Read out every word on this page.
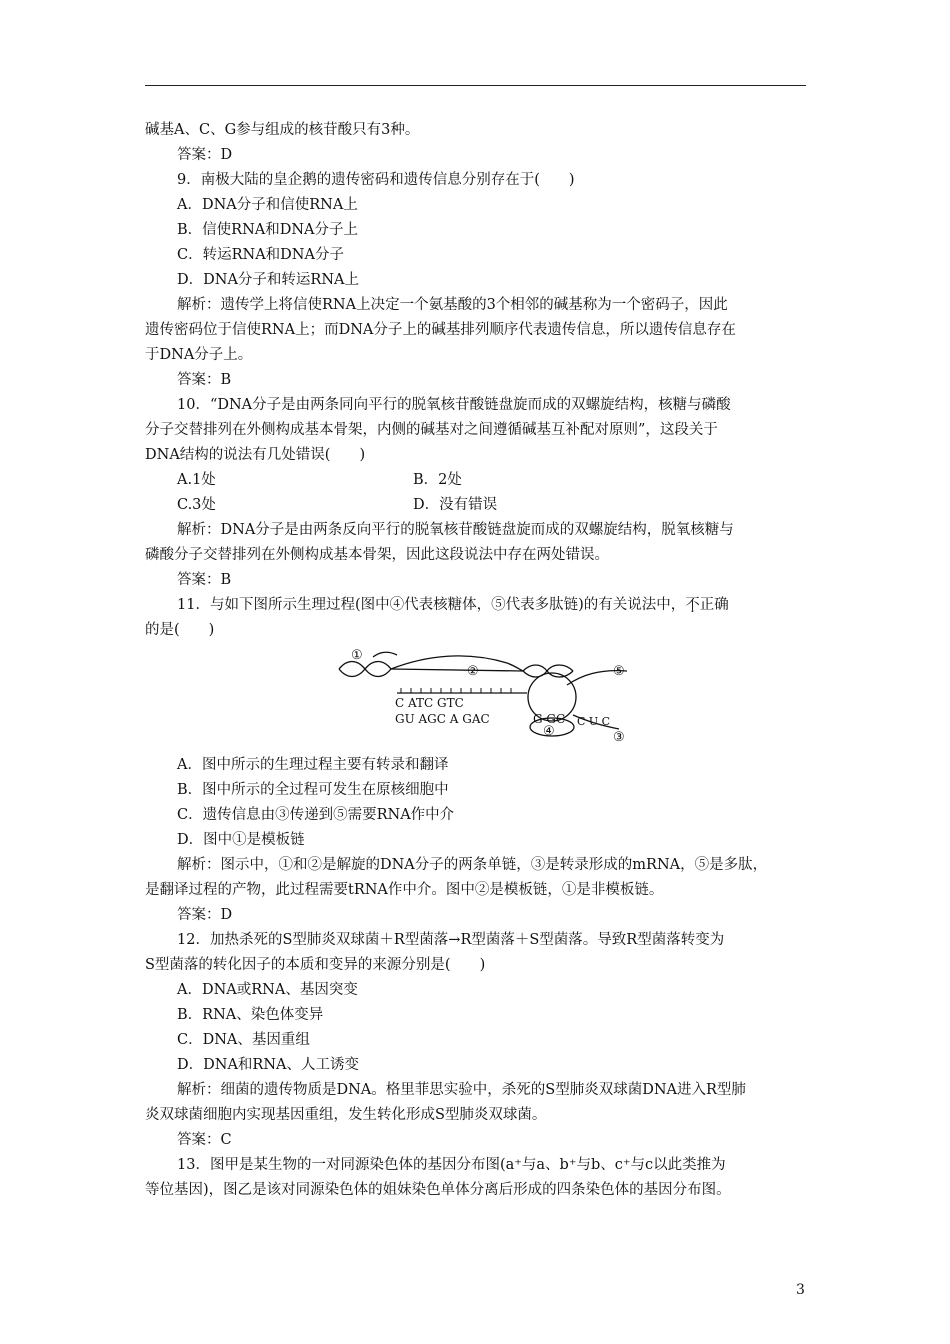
碱基A、C、G参与组成的核苷酸只有3种。
答案：D
9．南极大陆的皇企鹅的遗传密码和遗传信息分别存在于(　　)
A．DNA分子和信使RNA上
B．信使RNA和DNA分子上
C．转运RNA和DNA分子
D．DNA分子和转运RNA上
解析：遗传学上将信使RNA上决定一个氨基酸的3个相邻的碱基称为一个密码子，因此
遗传密码位于信使RNA上；而DNA分子上的碱基排列顺序代表遗传信息，所以遗传信息存在
于DNA分子上。
答案：B
10．“DNA分子是由两条同向平行的脱氧核苷酸链盘旋而成的双螺旋结构，核糖与磷酸
分子交替排列在外侧构成基本骨架，内侧的碱基对之间遵循碱基互补配对原则”，这段关于
DNA结构的说法有几处错误(　　)
A.1处	B．2处
C.3处	D．没有错误
解析：DNA分子是由两条反向平行的脱氧核苷酸链盘旋而成的双螺旋结构，脱氧核糖与
磷酸分子交替排列在外侧构成基本骨架，因此这段说法中存在两处错误。
答案：B
11．与如下图所示生理过程(图中④代表核糖体，⑤代表多肽链)的有关说法中，不正确
的是(　　)
①
②
C ATC GTC
GU AGC A GAC	G GC C U C
④	③
⑤
A．图中所示的生理过程主要有转录和翻译
B．图中所示的全过程可发生在原核细胞中
C．遗传信息由③传递到⑤需要RNA作中介
D．图中①是模板链
解析：图示中，①和②是解旋的DNA分子的两条单链，③是转录形成的mRNA，⑤是多肽，
是翻译过程的产物，此过程需要tRNA作中介。图中②是模板链，①是非模板链。
答案：D
12．加热杀死的S型肺炎双球菌＋R型菌落→R型菌落＋S型菌落。导致R型菌落转变为
S型菌落的转化因子的本质和变异的来源分别是(　　)
A．DNA或RNA、基因突变
B．RNA、染色体变异
C．DNA、基因重组
D．DNA和RNA、人工诱变
解析：细菌的遗传物质是DNA。格里菲思实验中，杀死的S型肺炎双球菌DNA进入R型肺
炎双球菌细胞内实现基因重组，发生转化形成S型肺炎双球菌。
答案：C
13．图甲是某生物的一对同源染色体的基因分布图(a⁺与a、b⁺与b、c⁺与c以此类推为
等位基因)，图乙是该对同源染色体的姐妹染色单体分离后形成的四条染色体的基因分布图。
3
